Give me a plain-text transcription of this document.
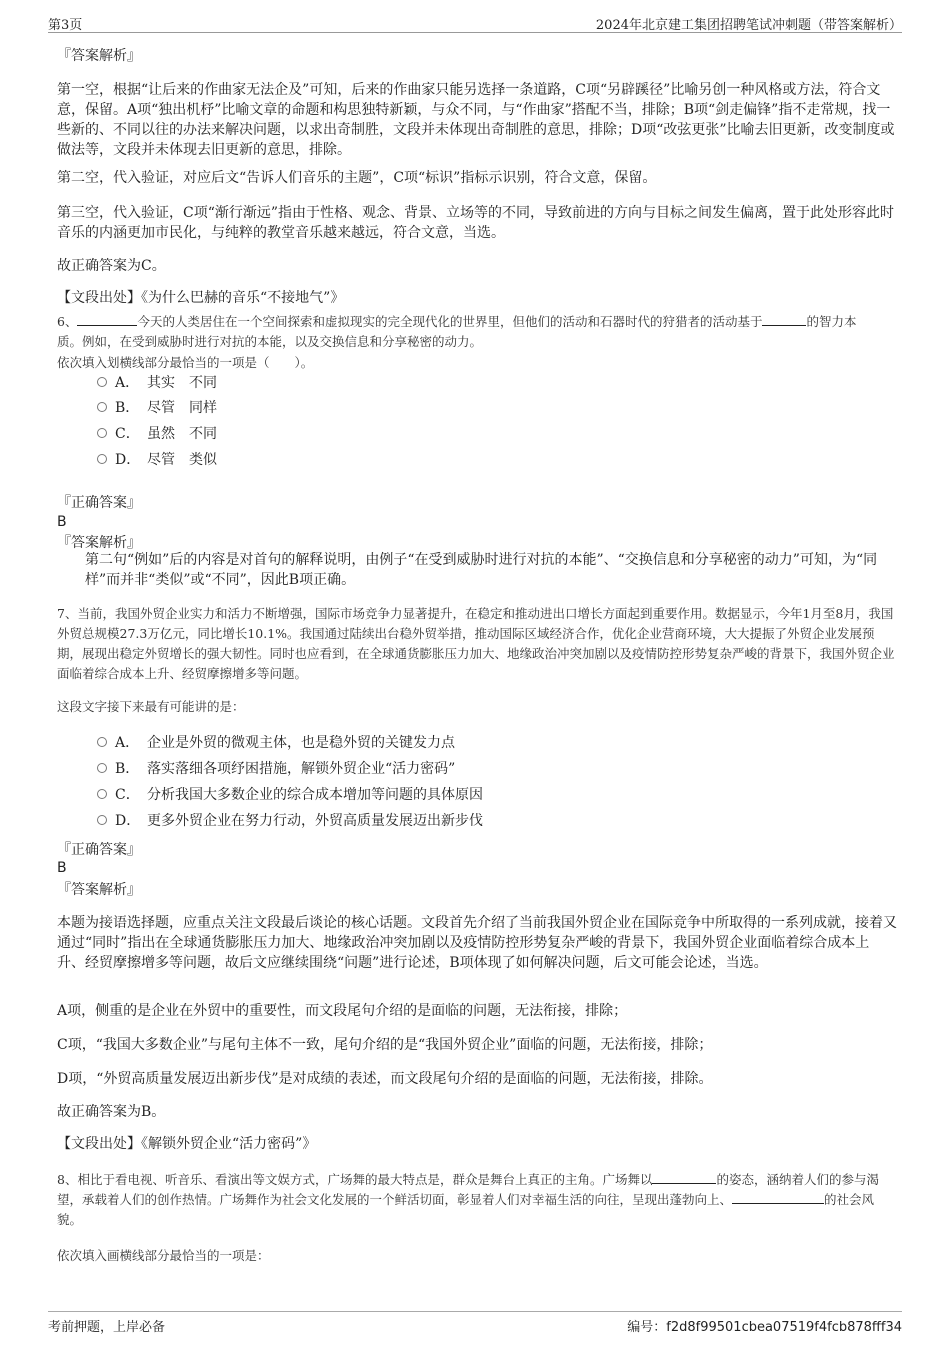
第3页	2024年北京建工集团招聘笔试冲刺题（带答案解析）
『答案解析』
第一空，根据“让后来的作曲家无法企及”可知，后来的作曲家只能另选择一条道路，C项“另辟蹊径”比喻另创一种风格或方法，符合文意，保留。A项“独出机杼”比喻文章的命题和构思独特新颖，与众不同，与“作曲家”搭配不当，排除；B项“剑走偏锋”指不走常规，找一些新的、不同以往的办法来解决问题，以求出奇制胜，文段并未体现出奇制胜的意思，排除；D项“改弦更张”比喻去旧更新，改变制度或做法等，文段并未体现去旧更新的意思，排除。
第二空，代入验证，对应后文“告诉人们音乐的主题”，C项“标识”指标示识别，符合文意，保留。
第三空，代入验证，C项“渐行渐远”指由于性格、观念、背景、立场等的不同，导致前进的方向与目标之间发生偏离，置于此处形容此时音乐的内涵更加市民化，与纯粹的教堂音乐越来越远，符合文意，当选。
故正确答案为C。
【文段出处】《为什么巴赫的音乐“不接地气”》
6、	今天的人类居住在一个空间探索和虚拟现实的完全现代化的世界里，但他们的活动和石器时代的狩猎者的活动基于	的智力本
质。例如，在受到威胁时进行对抗的本能，以及交换信息和分享秘密的动力。
依次填入划横线部分最恰当的一项是（　　）。
A． 其实　不同
B． 尽管　同样
C． 虽然　不同
D． 尽管　类似
『正确答案』
B
『答案解析』
第二句“例如”后的内容是对首句的解释说明，由例子“在受到威胁时进行对抗的本能”、“交换信息和分享秘密的动力”可知，为“同样”而并非“类似”或“不同”，因此B项正确。
7、当前，我国外贸企业实力和活力不断增强，国际市场竞争力显著提升，在稳定和推动进出口增长方面起到重要作用。数据显示，今年1月至8月，我国外贸总规模27.3万亿元，同比增长10.1%。我国通过陆续出台稳外贸举措，推动国际区域经济合作，优化企业营商环境，大大提振了外贸企业发展预期，展现出稳定外贸增长的强大韧性。同时也应看到，在全球通货膨胀压力加大、地缘政治冲突加剧以及疫情防控形势复杂严峻的背景下，我国外贸企业面临着综合成本上升、经贸摩擦增多等问题。
这段文字接下来最有可能讲的是：
A． 企业是外贸的微观主体，也是稳外贸的关键发力点
B． 落实落细各项纾困措施，解锁外贸企业“活力密码”
C． 分析我国大多数企业的综合成本增加等问题的具体原因
D． 更多外贸企业在努力行动，外贸高质量发展迈出新步伐
『正确答案』
B
『答案解析』
本题为接语选择题，应重点关注文段最后谈论的核心话题。文段首先介绍了当前我国外贸企业在国际竞争中所取得的一系列成就，接着又通过“同时”指出在全球通货膨胀压力加大、地缘政治冲突加剧以及疫情防控形势复杂严峻的背景下，我国外贸企业面临着综合成本上升、经贸摩擦增多等问题，故后文应继续围绕“问题”进行论述，B项体现了如何解决问题，后文可能会论述，当选。
A项，侧重的是企业在外贸中的重要性，而文段尾句介绍的是面临的问题，无法衔接，排除；
C项，“我国大多数企业”与尾句主体不一致，尾句介绍的是“我国外贸企业”面临的问题，无法衔接，排除；
D项，“外贸高质量发展迈出新步伐”是对成绩的表述，而文段尾句介绍的是面临的问题，无法衔接，排除。
故正确答案为B。
【文段出处】《解锁外贸企业“活力密码”》
8、相比于看电视、听音乐、看演出等文娱方式，广场舞的最大特点是，群众是舞台上真正的主角。广场舞以	的姿态，涵纳着人们的参与渴望，承载着人们的创作热情。广场舞作为社会文化发展的一个鲜活切面，彰显着人们对幸福生活的向往，呈现出蓬勃向上、	的社会风貌。
依次填入画横线部分最恰当的一项是：
考前押题，上岸必备	编号：f2d8f99501cbea07519f4fcb878fff34
